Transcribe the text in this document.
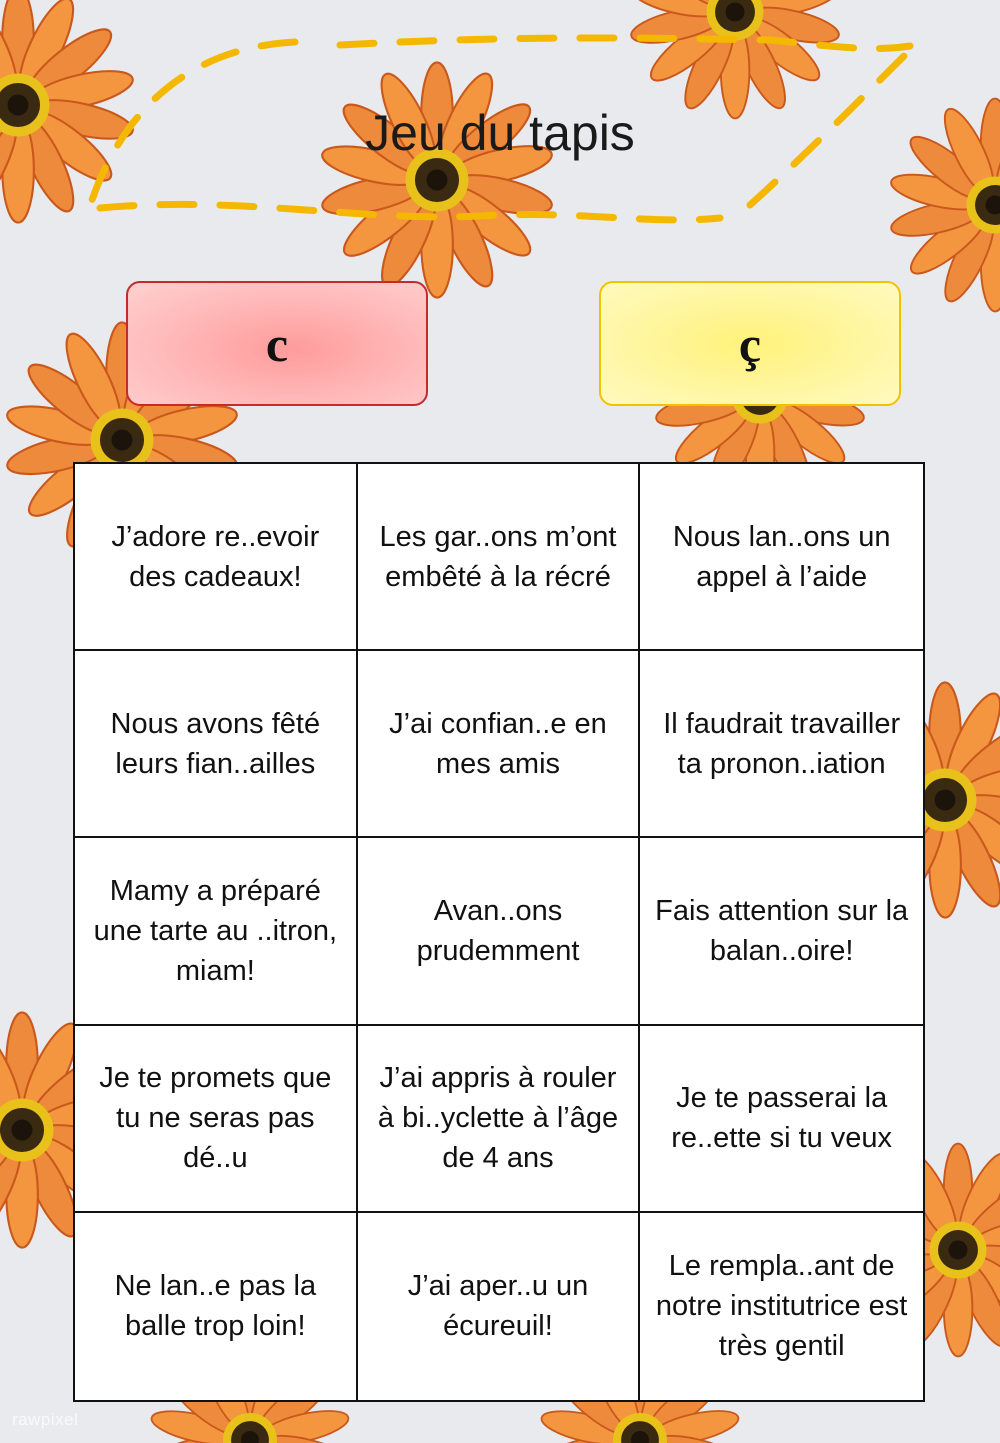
Jeu du tapis
c	ç
J’adore re..evoir des cadeaux!
Les gar..ons m’ont embêté à la récré
Nous lan..ons un appel à l’aide
Nous avons fêté leurs fian..ailles
J’ai confian..e en mes amis
Il faudrait travailler ta pronon..iation
Mamy a préparé une tarte au ..itron, miam!
Avan..ons prudemment
Fais attention sur la balan..oire!
Je te promets que tu ne seras pas dé..u
J’ai appris à rouler à bi..yclette à l’âge de 4 ans
Je te passerai la re..ette si tu veux
Ne lan..e pas la balle trop loin!
J’ai aper..u un écureuil!
Le rempla..ant de notre institutrice est très gentil
rawpixel
